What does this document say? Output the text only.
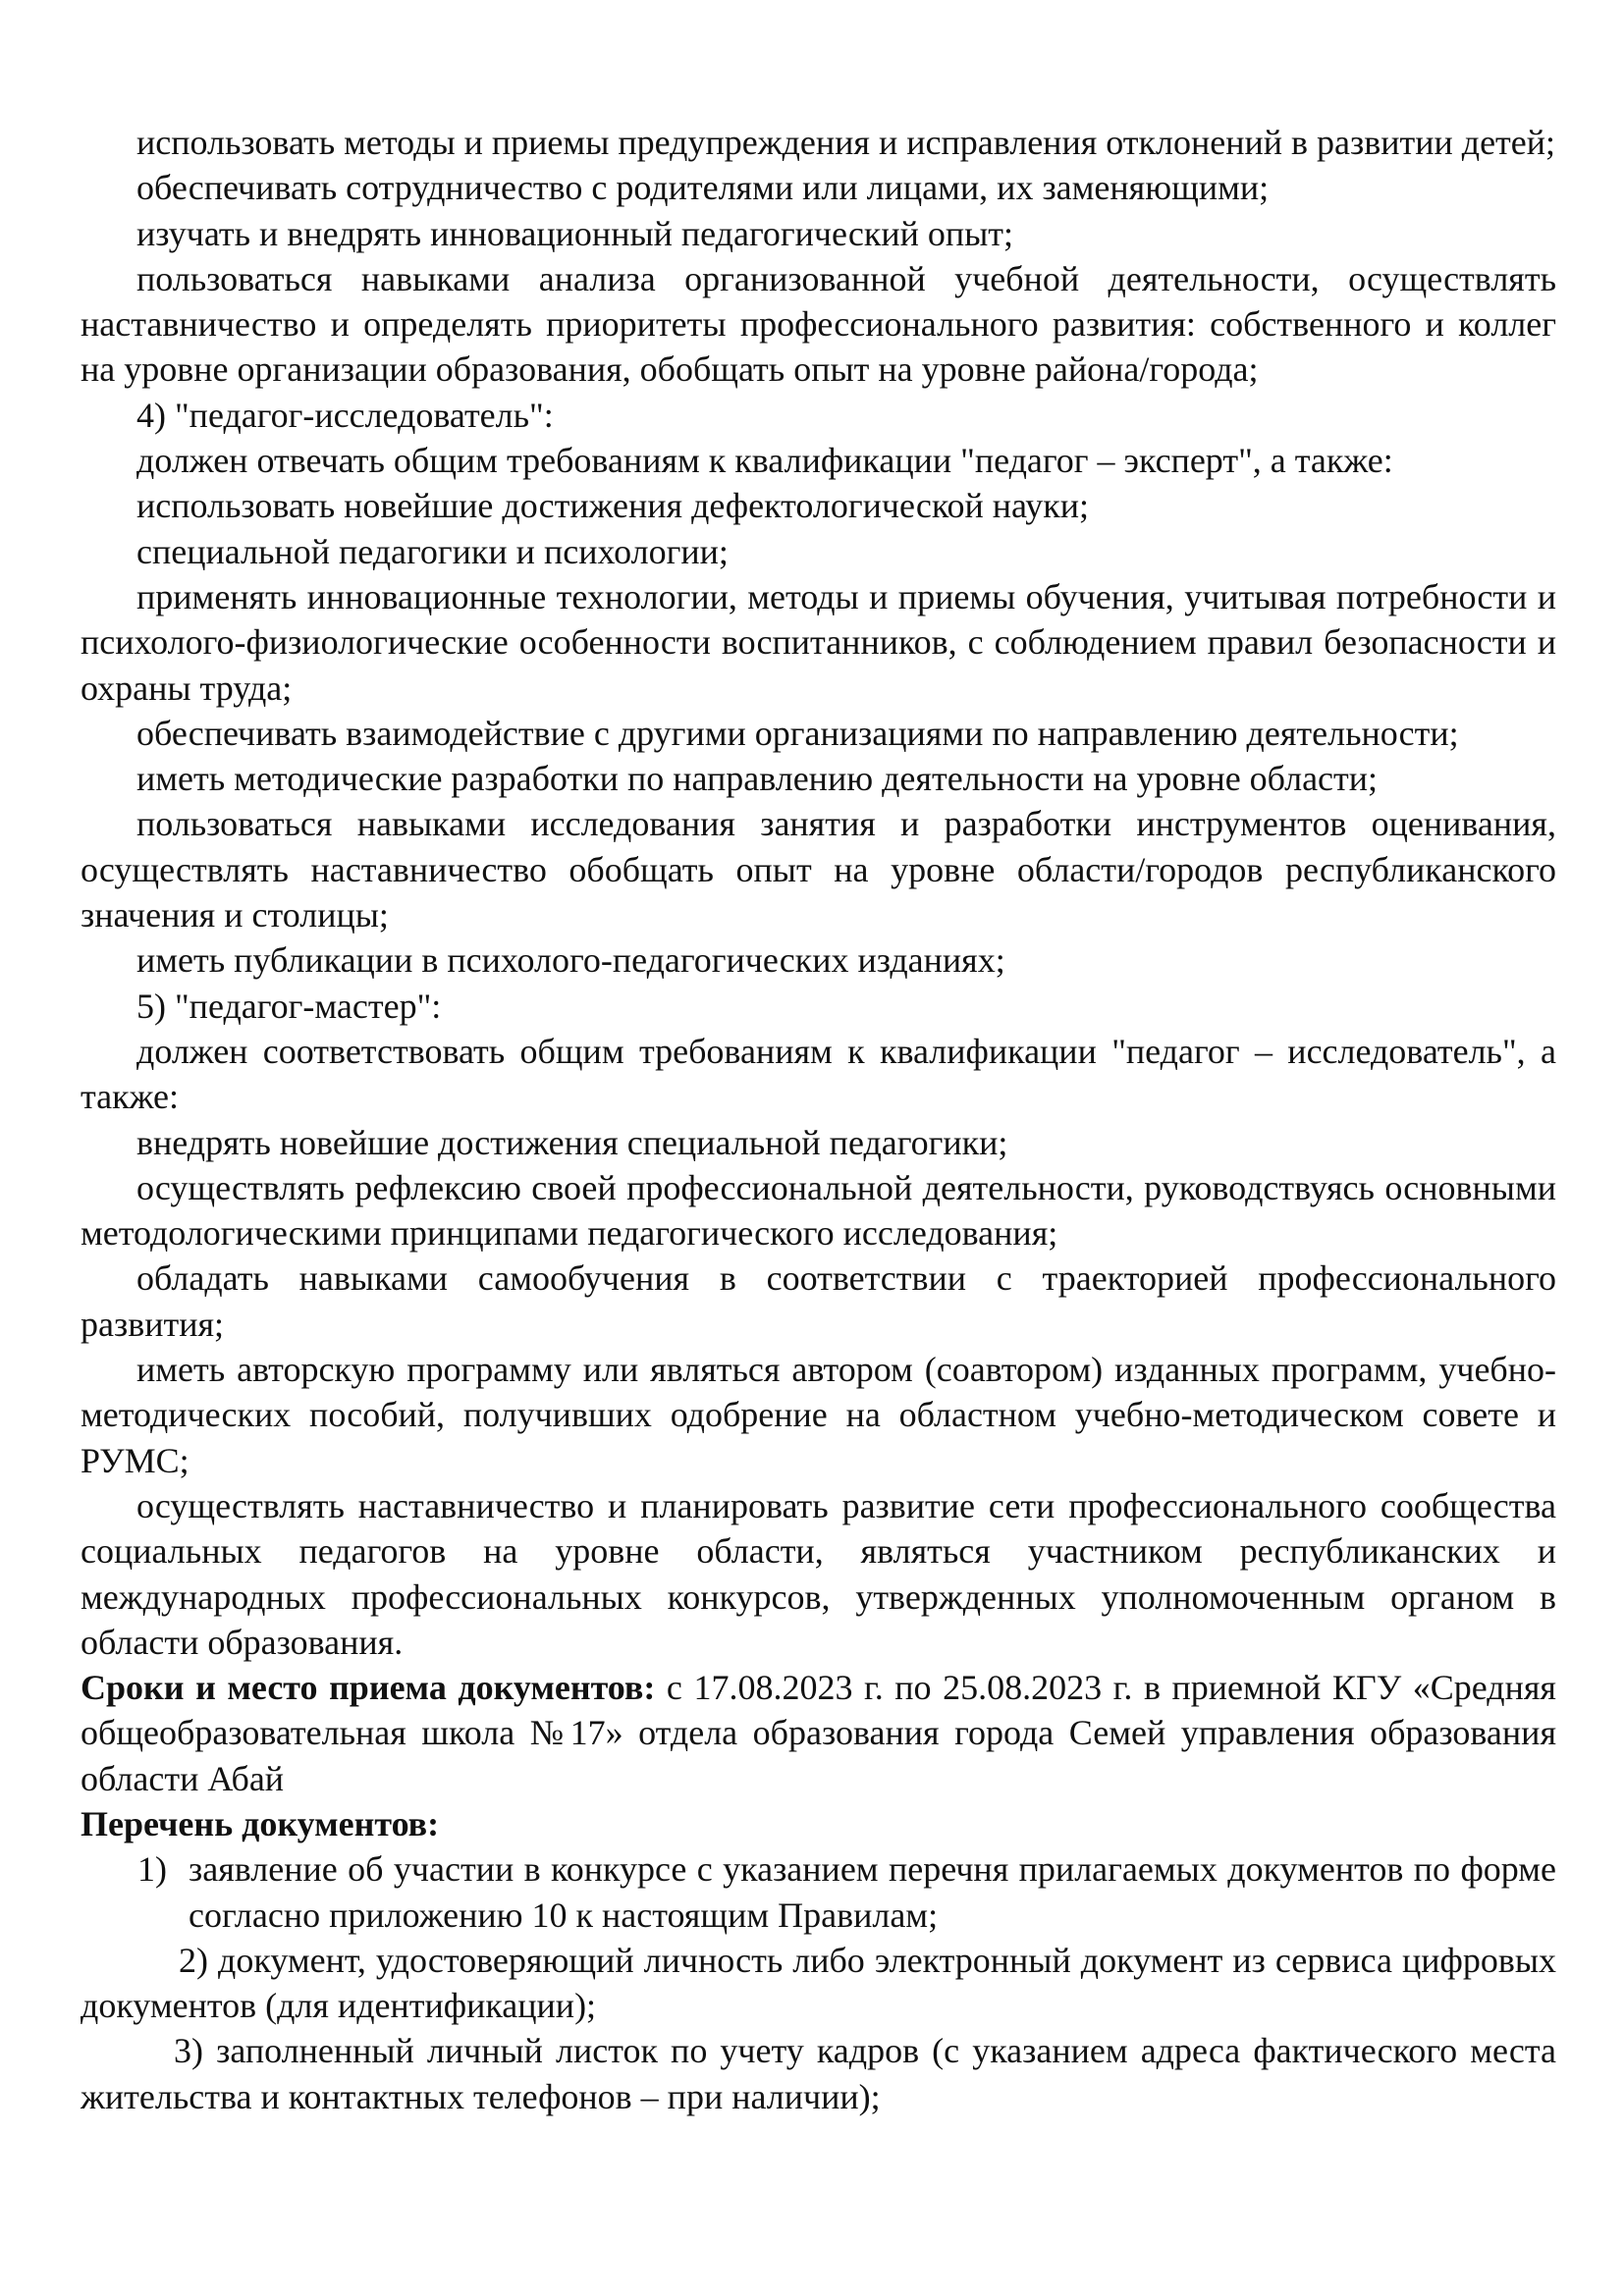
использовать методы и приемы предупреждения и исправления отклонений в развитии детей;

обеспечивать сотрудничество с родителями или лицами, их заменяющими;

изучать и внедрять инновационный педагогический опыт;

пользоваться навыками анализа организованной учебной деятельности, осуществлять наставничество и определять приоритеты профессионального развития: собственного и коллег на уровне организации образования, обобщать опыт на уровне района/города;

4) "педагог-исследователь":

должен отвечать общим требованиям к квалификации "педагог – эксперт", а также:

использовать новейшие достижения дефектологической науки;

специальной педагогики и психологии;

применять инновационные технологии, методы и приемы обучения, учитывая потребности и психолого-физиологические особенности воспитанников, с соблюдением правил безопасности и охраны труда;

обеспечивать взаимодействие с другими организациями по направлению деятельности;

иметь методические разработки по направлению деятельности на уровне области;

пользоваться навыками исследования занятия и разработки инструментов оценивания, осуществлять наставничество обобщать опыт на уровне области/городов республиканского значения и столицы;

иметь публикации в психолого-педагогических изданиях;

5) "педагог-мастер":

должен соответствовать общим требованиям к квалификации "педагог – исследователь", а также:

внедрять новейшие достижения специальной педагогики;

осуществлять рефлексию своей профессиональной деятельности, руководствуясь основными методологическими принципами педагогического исследования;

обладать навыками самообучения в соответствии с траекторией профессионального развития;

иметь авторскую программу или являться автором (соавтором) изданных программ, учебно-методических пособий, получивших одобрение на областном учебно-методическом совете и РУМС;

осуществлять наставничество и планировать развитие сети профессионального сообщества социальных педагогов на уровне области, являться участником республиканских и международных профессиональных конкурсов, утвержденных уполномоченным органом в области образования.

Сроки и место приема документов: с 17.08.2023 г. по 25.08.2023 г. в приемной КГУ «Средняя общеобразовательная школа №17» отдела образования города Семей управления образования области Абай

Перечень документов:

1) заявление об участии в конкурсе с указанием перечня прилагаемых документов по форме согласно приложению 10 к настоящим Правилам;

2) документ, удостоверяющий личность либо электронный документ из сервиса цифровых документов (для идентификации);

3) заполненный личный листок по учету кадров (с указанием адреса фактического места жительства и контактных телефонов – при наличии);
